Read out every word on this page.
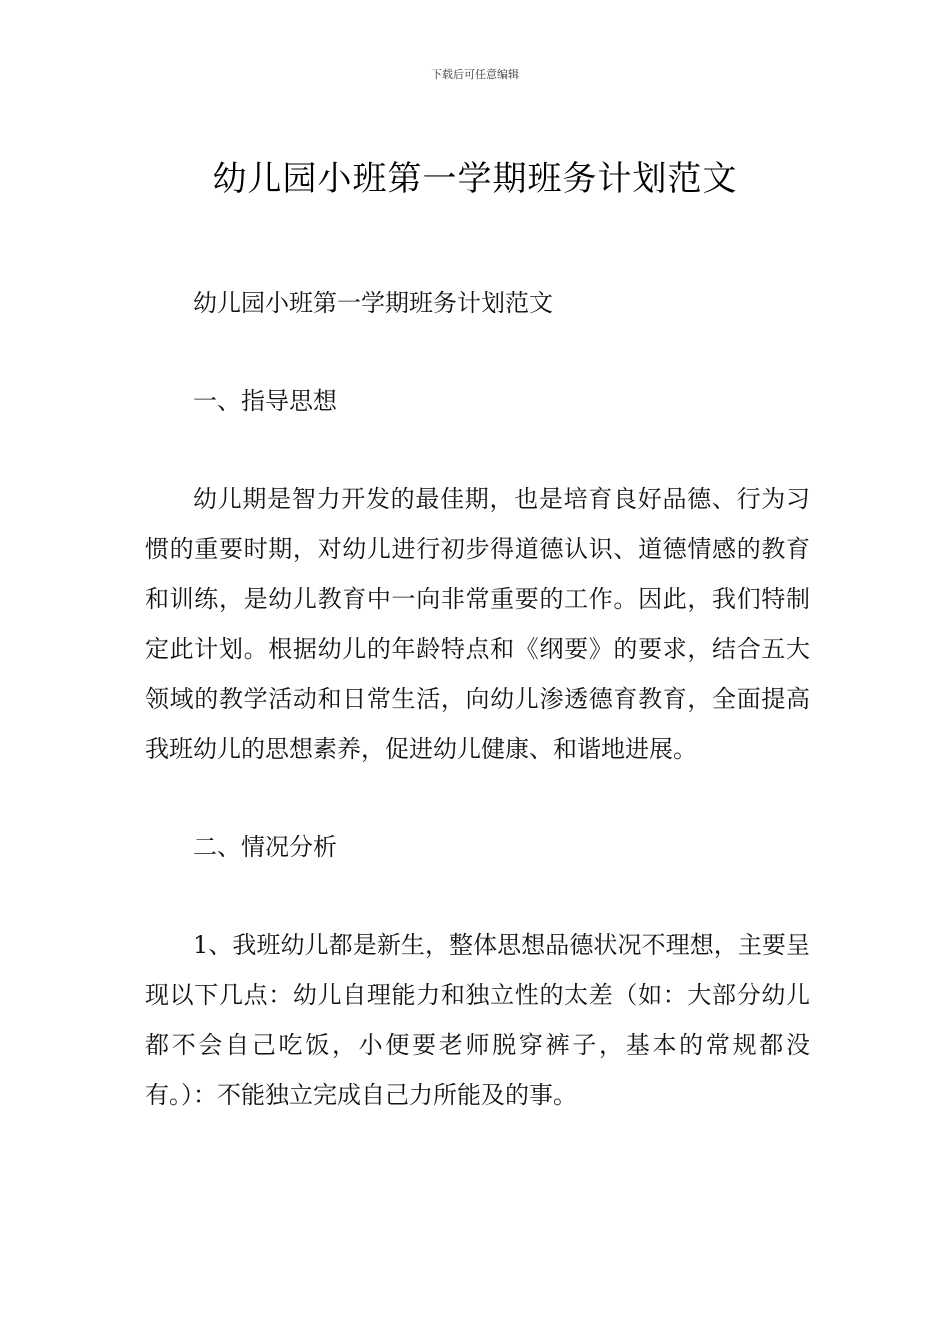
下载后可任意编辑
幼儿园小班第一学期班务计划范文

幼儿园小班第一学期班务计划范文

一、指导思想

幼儿期是智力开发的最佳期，也是培育良好品德、行为习惯的重要时期，对幼儿进行初步得道德认识、道德情感的教育和训练，是幼儿教育中一向非常重要的工作。因此，我们特制定此计划。根据幼儿的年龄特点和《纲要》的要求，结合五大领域的教学活动和日常生活，向幼儿渗透德育教育，全面提高我班幼儿的思想素养，促进幼儿健康、和谐地进展。

二、情况分析

1、我班幼儿都是新生，整体思想品德状况不理想，主要呈现以下几点：幼儿自理能力和独立性的太差（如：大部分幼儿都不会自己吃饭，小便要老师脱穿裤子，基本的常规都没有。）：不能独立完成自己力所能及的事。
